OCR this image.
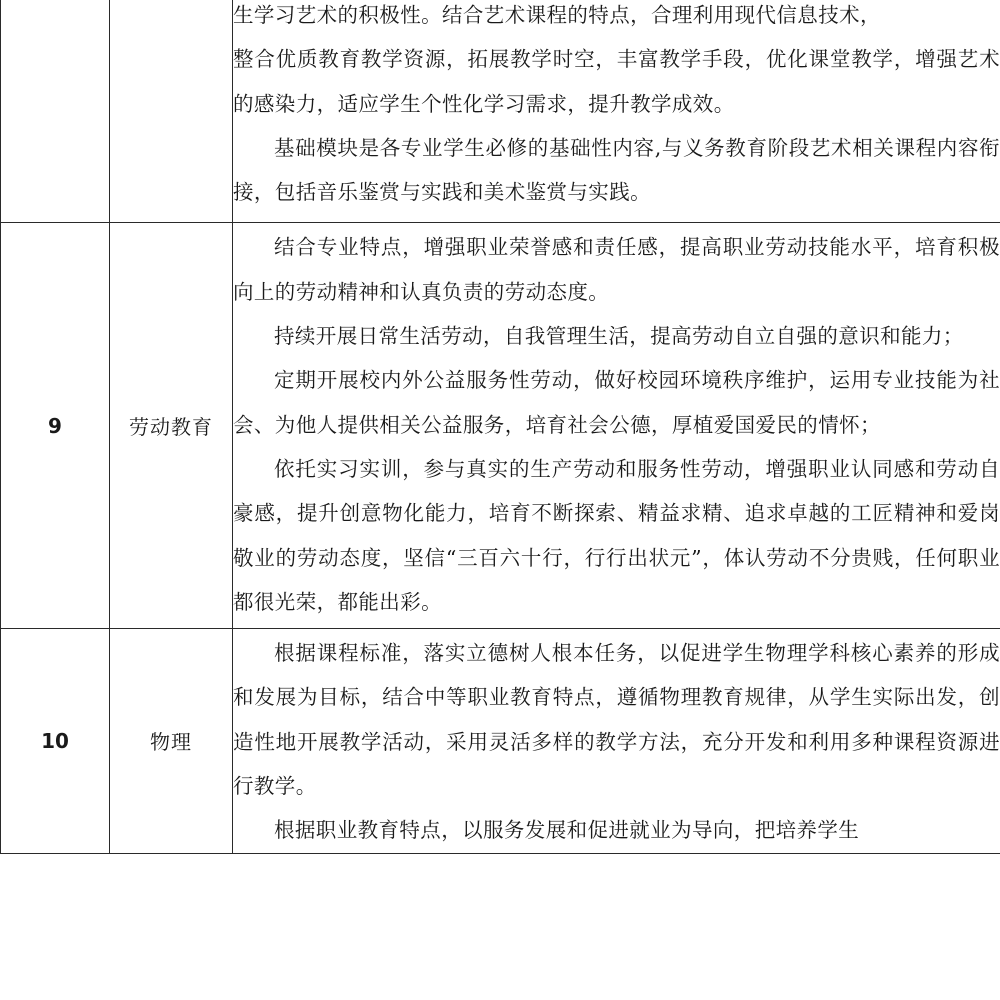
		生学习艺术的积极性。结合艺术课程的特点，合理利用现代信息技术，

整合优质教育教学资源，拓展教学时空，丰富教学手段，优化课堂教学，增强艺术的感染力，适应学生个性化学习需求，提升教学成效。

基础模块是各专业学生必修的基础性内容,与义务教育阶段艺术相关课程内容衔接，包括音乐鉴赏与实践和美术鉴赏与实践。

9	劳动教育	结合专业特点，增强职业荣誉感和责任感，提高职业劳动技能水平，培育积极向上的劳动精神和认真负责的劳动态度。

持续开展日常生活劳动，自我管理生活，提高劳动自立自强的意识和能力；

定期开展校内外公益服务性劳动，做好校园环境秩序维护，运用专业技能为社会、为他人提供相关公益服务，培育社会公德，厚植爱国爱民的情怀；

依托实习实训，参与真实的生产劳动和服务性劳动，增强职业认同感和劳动自豪感，提升创意物化能力，培育不断探索、精益求精、追求卓越的工匠精神和爱岗敬业的劳动态度，坚信“三百六十行，行行出状元”，体认劳动不分贵贱，任何职业都很光荣，都能出彩。

10	物理	根据课程标准，落实立德树人根本任务，以促进学生物理学科核心素养的形成和发展为目标，结合中等职业教育特点，遵循物理教育规律，从学生实际出发，创造性地开展教学活动，采用灵活多样的教学方法，充分开发和利用多种课程资源进行教学。

根据职业教育特点，以服务发展和促进就业为导向，把培养学生
